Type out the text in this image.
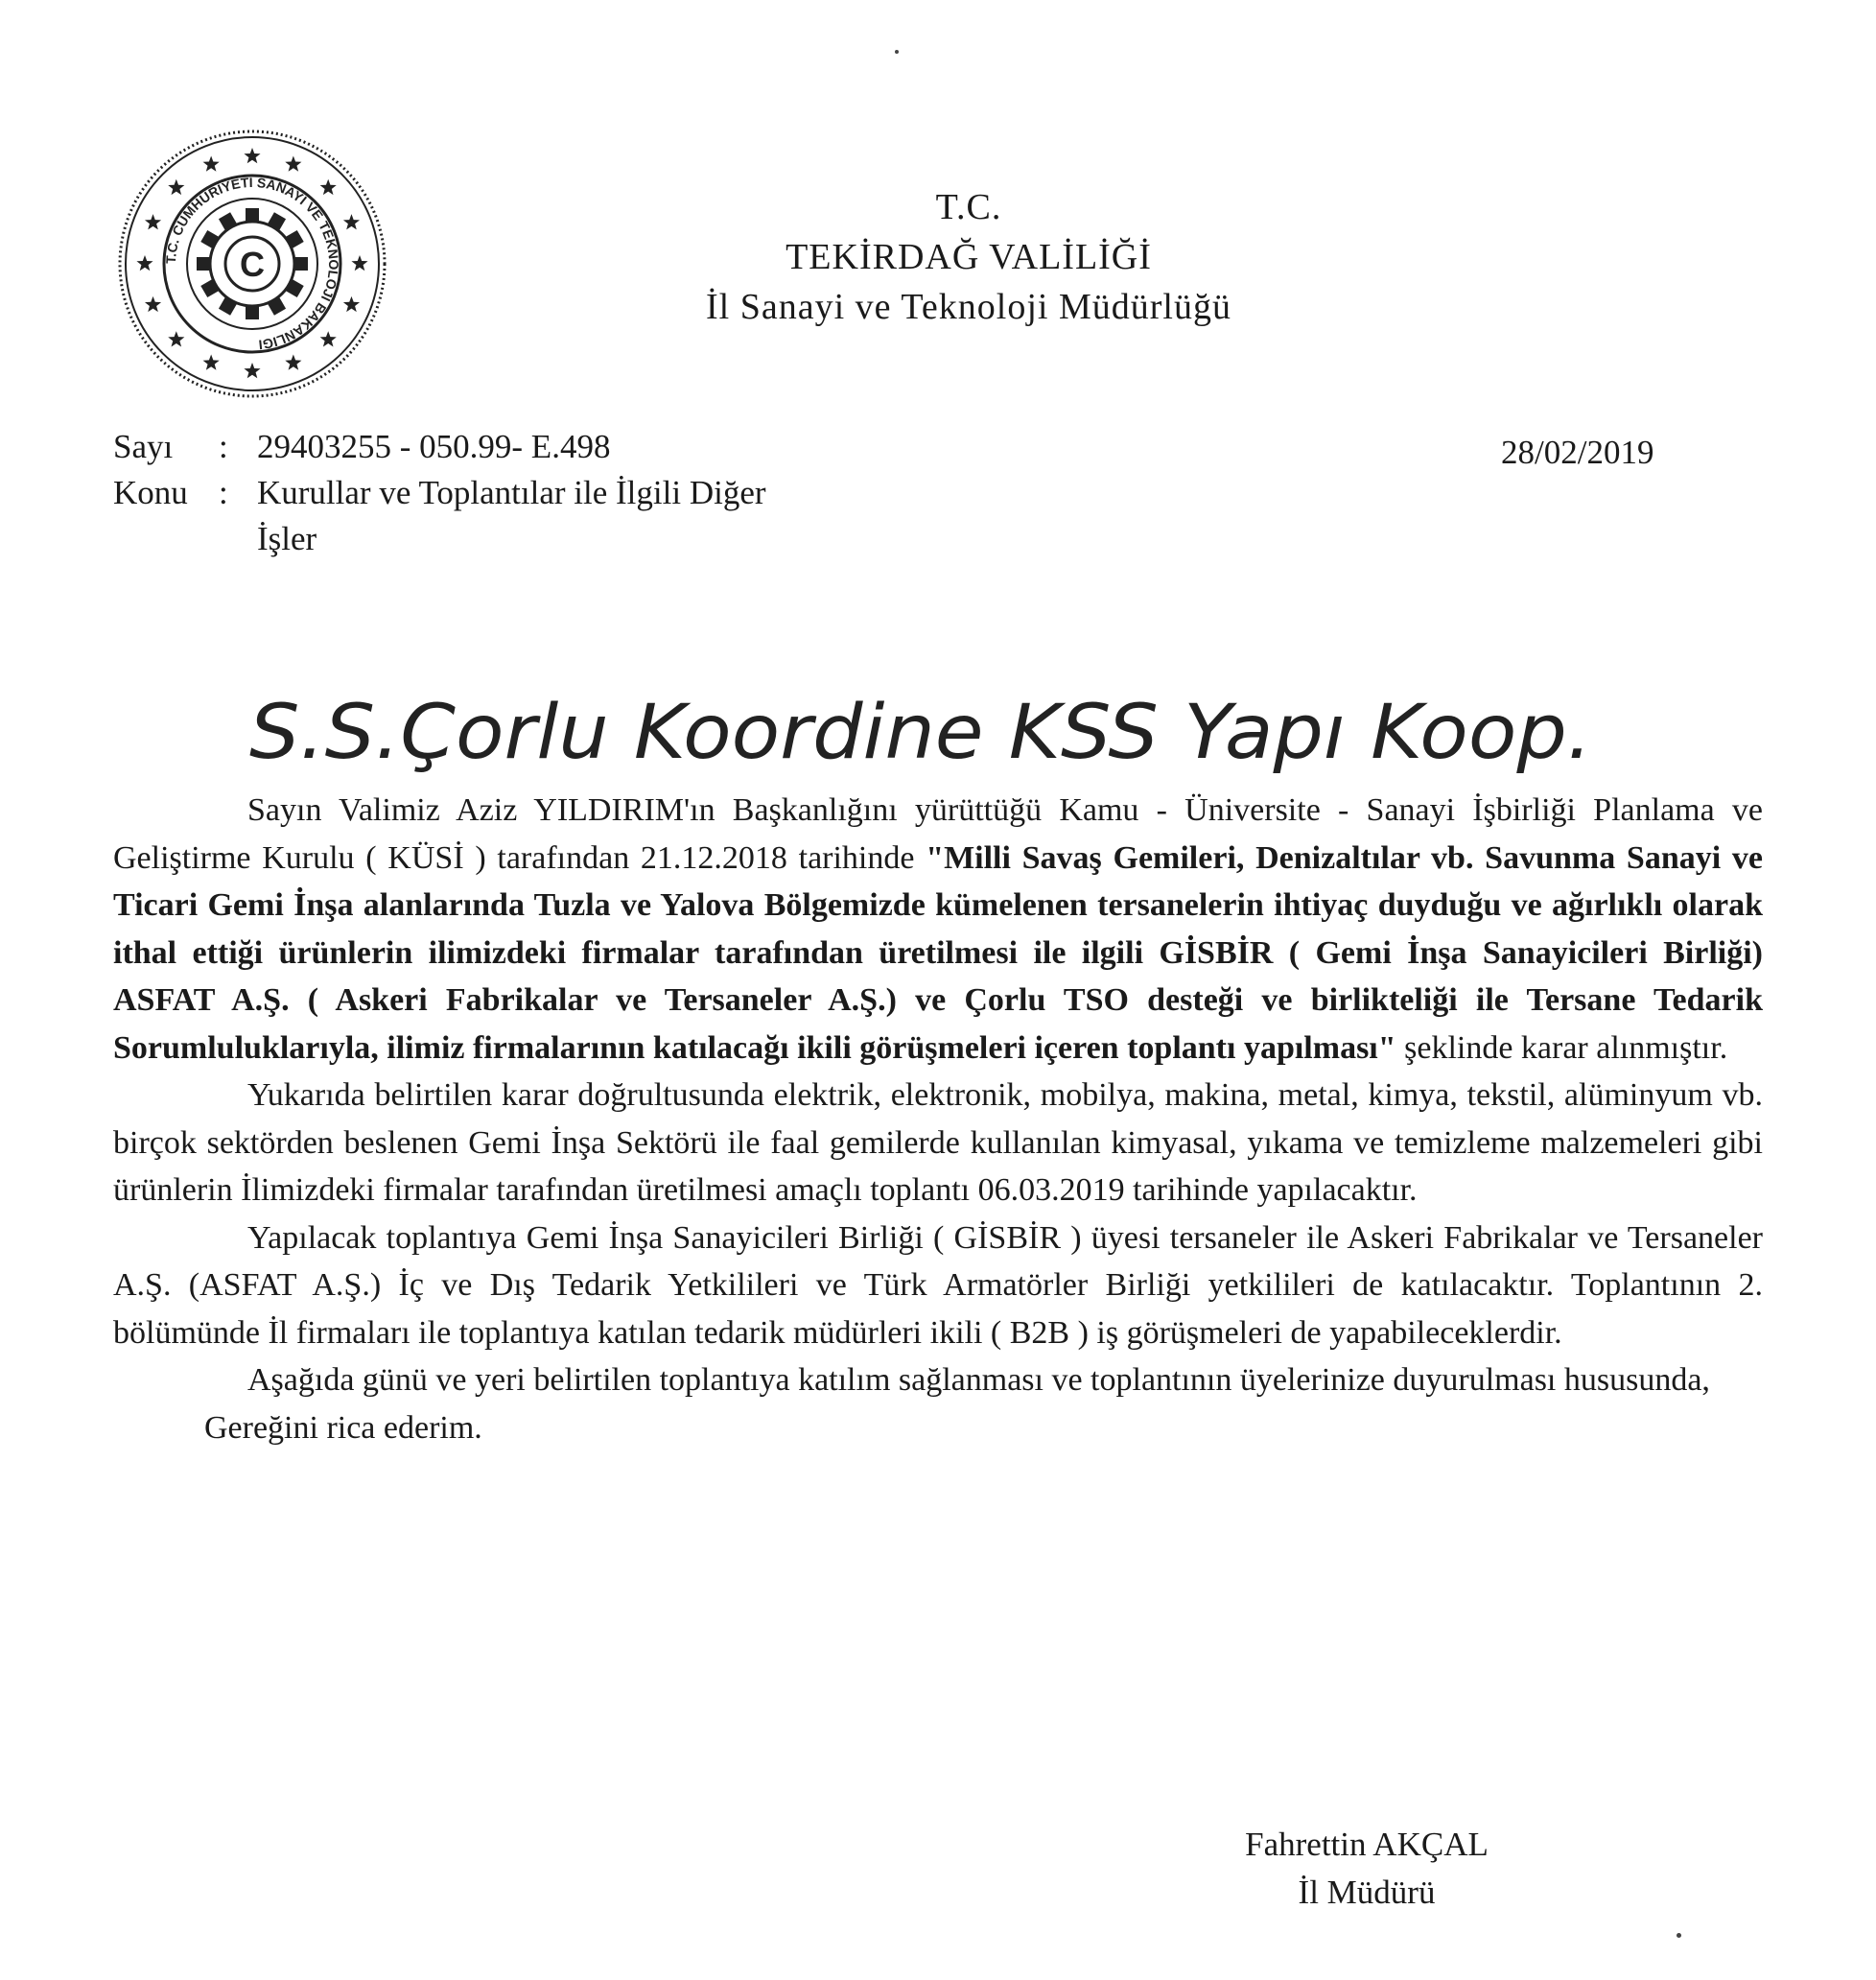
T.C. CUMHURİYETİ SANAYİ VE TEKNOLOJİ BAKANLIĞI
C
T.C.
TEKİRDAĞ VALİLİĞİ
İl Sanayi ve Teknoloji Müdürlüğü
Sayı	: 29403255 - 050.99- E.498
Konu : Kurullar ve Toplantılar ile İlgili Diğer
İşler
28/02/2019
S.S.Çorlu Koordine KSS Yapı Koop.

Sayın Valimiz Aziz YILDIRIM'ın Başkanlığını yürüttüğü Kamu - Üniversite - Sanayi İşbirliği Planlama ve Geliştirme Kurulu ( KÜSİ ) tarafından 21.12.2018 tarihinde "Milli Savaş Gemileri, Denizaltılar vb. Savunma Sanayi ve Ticari Gemi İnşa alanlarında Tuzla ve Yalova Bölgemizde kümelenen tersanelerin ihtiyaç duyduğu ve ağırlıklı olarak ithal ettiği ürünlerin ilimizdeki firmalar tarafından üretilmesi ile ilgili GİSBİR ( Gemi İnşa Sanayicileri Birliği) ASFAT A.Ş. ( Askeri Fabrikalar ve Tersaneler A.Ş.) ve Çorlu TSO desteği ve birlikteliği ile Tersane Tedarik Sorumluluklarıyla, ilimiz firmalarının katılacağı ikili görüşmeleri içeren toplantı yapılması" şeklinde karar alınmıştır.

Yukarıda belirtilen karar doğrultusunda elektrik, elektronik, mobilya, makina, metal, kimya, tekstil, alüminyum vb. birçok sektörden beslenen Gemi İnşa Sektörü ile faal gemilerde kullanılan kimyasal, yıkama ve temizleme malzemeleri gibi ürünlerin İlimizdeki firmalar tarafından üretilmesi amaçlı toplantı 06.03.2019 tarihinde yapılacaktır.

Yapılacak toplantıya Gemi İnşa Sanayicileri Birliği ( GİSBİR ) üyesi tersaneler ile Askeri Fabrikalar ve Tersaneler A.Ş. (ASFAT A.Ş.) İç ve Dış Tedarik Yetkilileri ve Türk Armatörler Birliği yetkilileri de katılacaktır. Toplantının 2. bölümünde İl firmaları ile toplantıya katılan tedarik müdürleri ikili ( B2B ) iş görüşmeleri de yapabileceklerdir.

Aşağıda günü ve yeri belirtilen toplantıya katılım sağlanması ve toplantının üyelerinize duyurulması hususunda,

Gereğini rica ederim.

Fahrettin AKÇAL
İl Müdürü
